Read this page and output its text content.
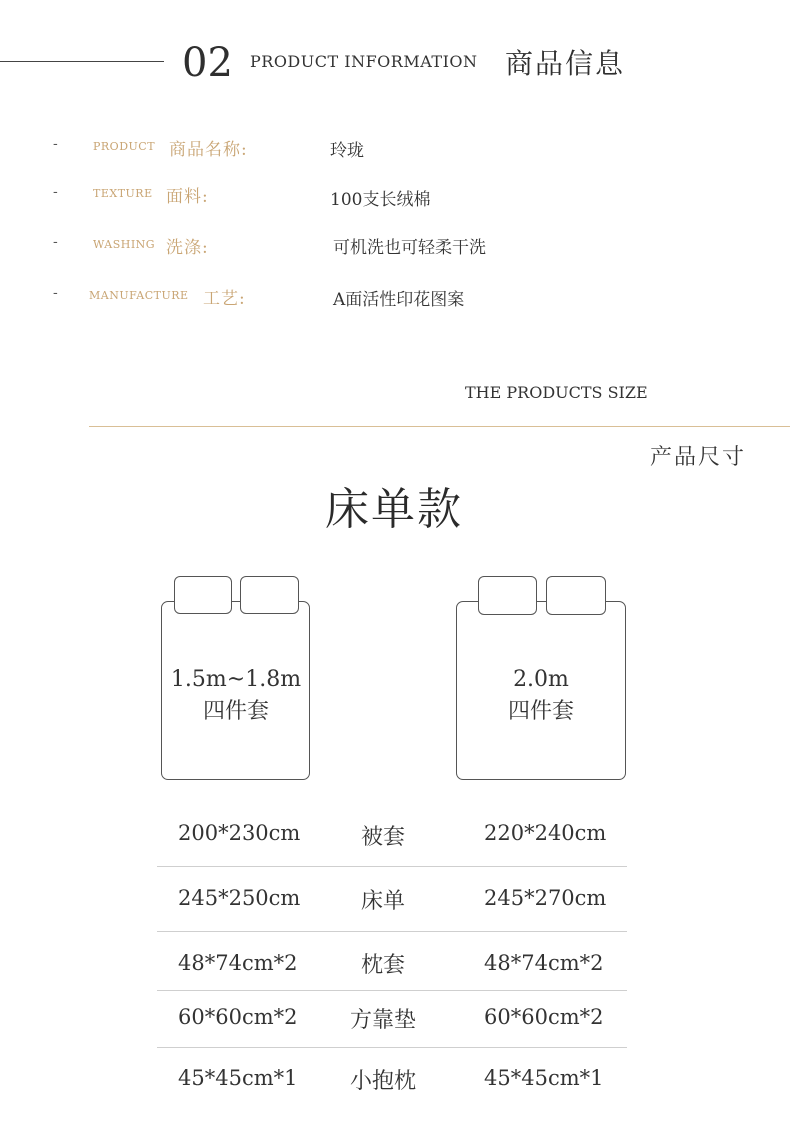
02 PRODUCT INFORMATION 商品信息
-	PRODUCT 商品名称:	玲珑
-	TEXTURE 面料:	100支长绒棉
-	WASHING 洗涤:	可机洗也可轻柔干洗
-	MANUFACTURE 工艺:	A面活性印花图案
THE PRODUCTS SIZE
产品尺寸
床单款
1.5m~1.8m
四件套
2.0m
四件套
200*230cm	被套	220*240cm
245*250cm	床单	245*270cm
48*74cm*2	枕套	48*74cm*2
60*60cm*2	方靠垫	60*60cm*2
45*45cm*1	小抱枕	45*45cm*1
